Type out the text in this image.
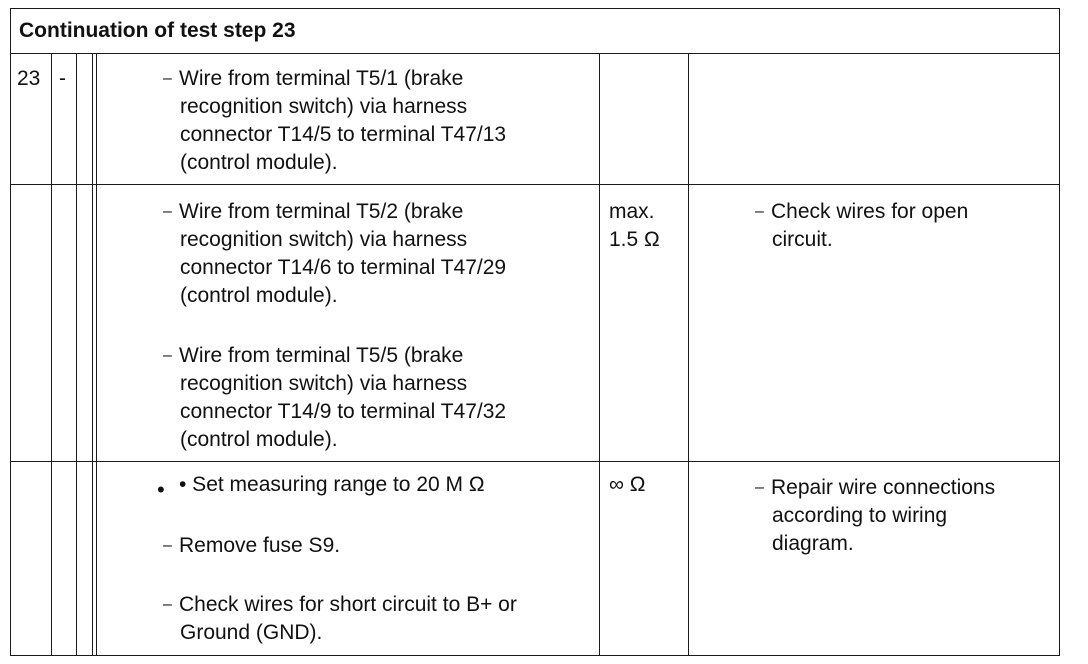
Continuation of test step 23
23 -	– Wire from terminal T5/1 (brake
recognition switch) via harness
connector T14/5 to terminal T47/13
(control module).
– Wire from terminal T5/2 (brake
recognition switch) via harness
connector T14/6 to terminal T47/29
(control module).
– Wire from terminal T5/5 (brake
recognition switch) via harness
connector T14/9 to terminal T47/32
(control module).
max.
1.5 Ω
– Check wires for open
circuit.
• • Set measuring range to 20 M Ω
– Remove fuse S9.
– Check wires for short circuit to B+ or
Ground (GND).
∞ Ω	– Repair wire connections
according to wiring
diagram.
